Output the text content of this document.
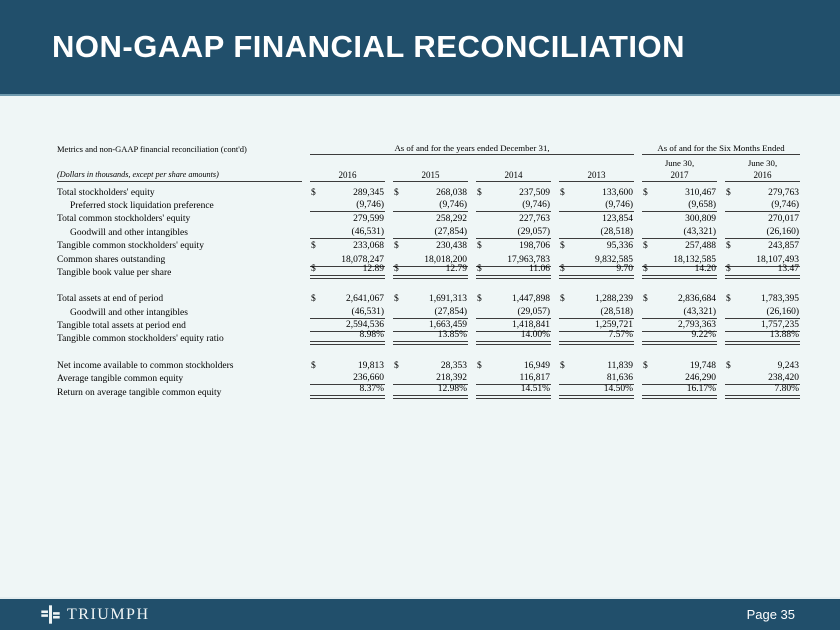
NON-GAAP FINANCIAL RECONCILIATION
Metrics and non-GAAP financial reconciliation (cont'd)	As of and for the years ended December 31,	As of and for the Six Months Ended
June 30,	June 30,
(Dollars in thousands, except per share amounts)	2016	2015	2014	2013	2017	2016
Total stockholders' equity	$	289,345 $	268,038 $	237,509 $	133,600 $	310,467 $	279,763
Preferred stock liquidation preference	(9,746)	(9,746)	(9,746)	(9,746)	(9,658)	(9,746)
Total common stockholders' equity	279,599	258,292	227,763	123,854	300,809	270,017
Goodwill and other intangibles	(46,531)	(27,854)	(29,057)	(28,518)	(43,321)	(26,160)
Tangible common stockholders' equity	$	233,068 $	230,438 $	198,706 $	95,336 $	257,488 $	243,857
Common shares outstanding	18,078,247	18,018,200	17,963,783	9,832,585	18,132,585	18,107,493
Tangible book value per share	$	12.89 $	12.79 $	11.06 $	9.70 $	14.20 $	13.47
Total assets at end of period	$	2,641,067 $	1,691,313 $	1,447,898 $	1,288,239 $	2,836,684 $	1,783,395
Goodwill and other intangibles	(46,531)	(27,854)	(29,057)	(28,518)	(43,321)	(26,160)
Tangible total assets at period end	2,594,536	1,663,459	1,418,841	1,259,721	2,793,363	1,757,235
Tangible common stockholders' equity ratio	8.98%	13.85%	14.00%	7.57%	9.22%	13.88%
Net income available to common stockholders	$	19,813 $	28,353 $	16,949 $	11,839 $	19,748 $	9,243
Average tangible common equity	236,660	218,392	116,817	81,636	246,290	238,420
Return on average tangible common equity	8.37%	12.98%	14.51%	14.50%	16.17%	7.80%
TRIUMPH	Page 35
